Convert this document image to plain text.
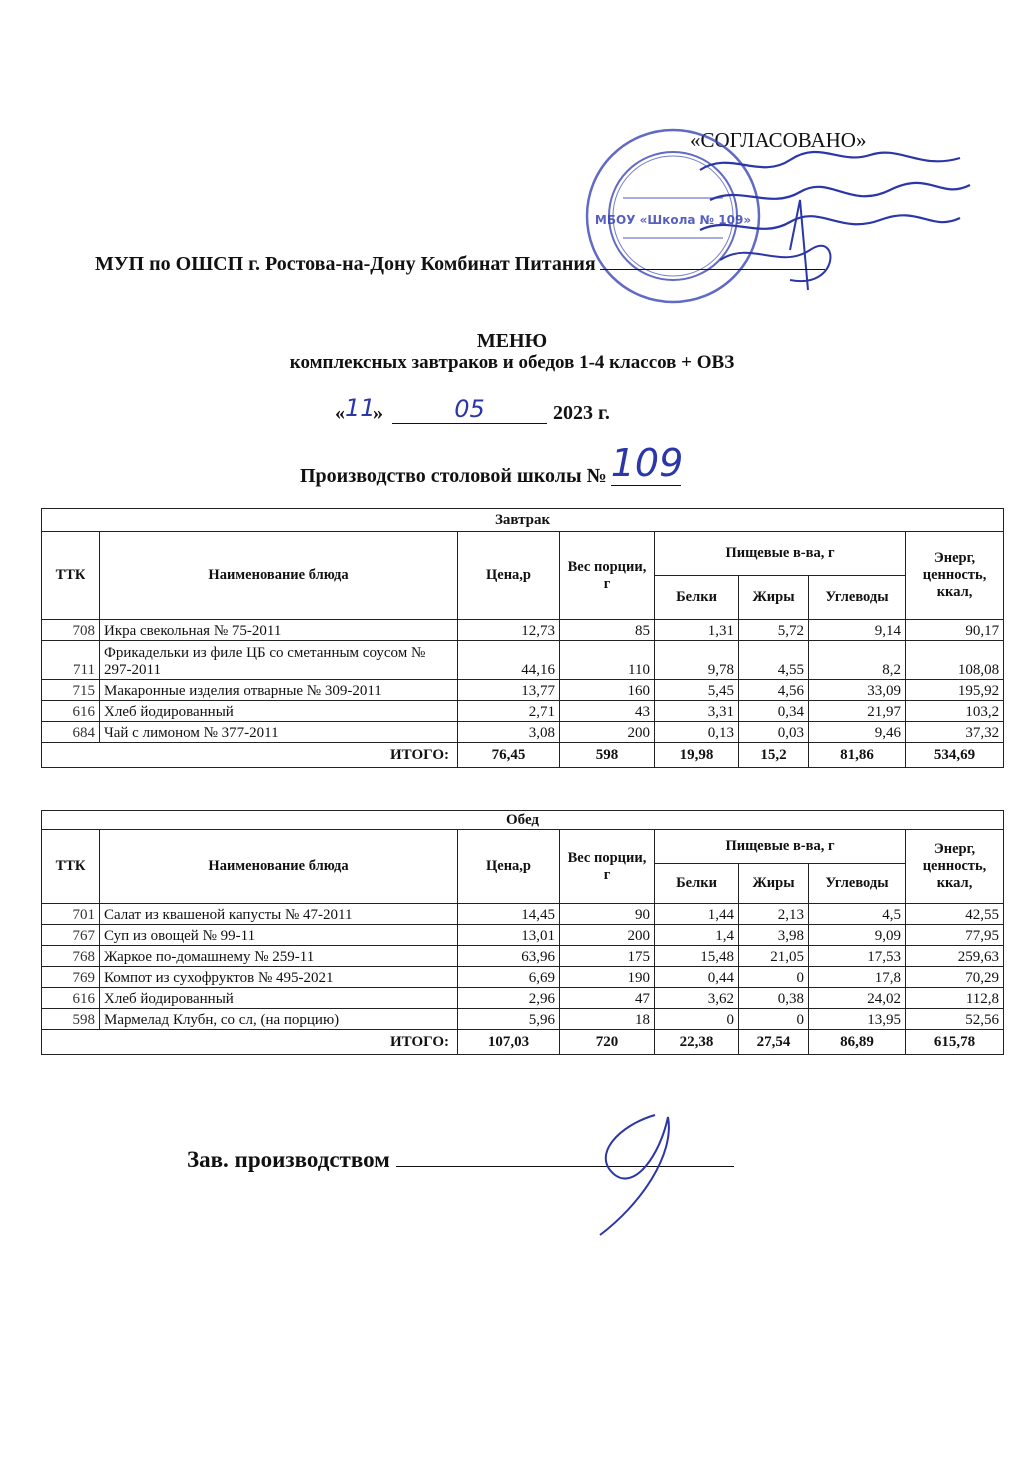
«СОГЛАСОВАНО»
МБОУ «Школа № 109»
МУП по ОШСП г. Ростова-на-Дону Комбинат Питания
МЕНЮ
комплексных завтраков и обедов 1-4 классов + ОВЗ
«11»	05	2023 г.
Производство столовой школы № 109
Завтрак							
ТТК	Наименование блюда	Цена,р	Вес порции, г	Пищевые в-ва, г			Энерг, ценность, ккал,
				Белки	Жиры	Углеводы	
708	Икра свекольная № 75-2011	12,73	85	1,31	5,72	9,14	90,17
711	Фрикадельки из филе ЦБ со сметанным соусом № 297-2011	44,16	110	9,78	4,55	8,2	108,08
715	Макаронные изделия отварные № 309-2011	13,77	160	5,45	4,56	33,09	195,92
616	Хлеб йодированный	2,71	43	3,31	0,34	21,97	103,2
684	Чай с лимоном № 377-2011	3,08	200	0,13	0,03	9,46	37,32
ИТОГО:		76,45	598	19,98	15,2	81,86	534,69
Обед							
ТТК	Наименование блюда	Цена,р	Вес порции, г	Пищевые в-ва, г			Энерг, ценность, ккал,
				Белки	Жиры	Углеводы	
701	Салат из квашеной капусты № 47-2011	14,45	90	1,44	2,13	4,5	42,55
767	Суп из овощей № 99-11	13,01	200	1,4	3,98	9,09	77,95
768	Жаркое по-домашнему № 259-11	63,96	175	15,48	21,05	17,53	259,63
769	Компот из сухофруктов № 495-2021	6,69	190	0,44	0	17,8	70,29
616	Хлеб йодированный	2,96	47	3,62	0,38	24,02	112,8
598	Мармелад Клубн, со сл, (на порцию)	5,96	18	0	0	13,95	52,56
ИТОГО:		107,03	720	22,38	27,54	86,89	615,78
Зав. производством
